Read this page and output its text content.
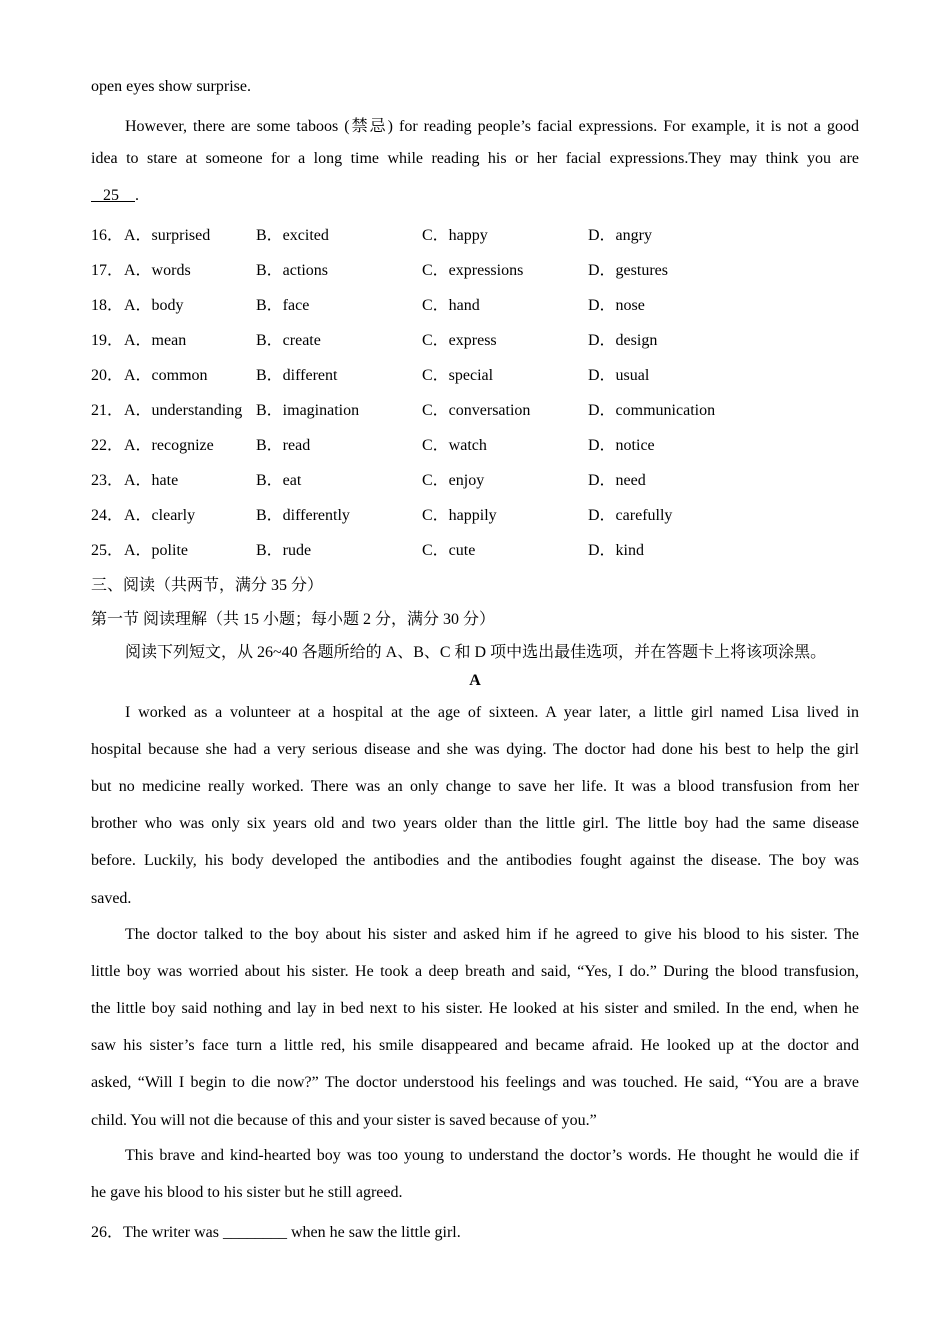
open eyes show surprise.

However, there are some taboos (禁忌) for reading people’s facial expressions. For example, it is not a good

idea to stare at someone for a long time while reading his or her facial expressions.They may think you are

25    .

16． A．surprised	B．excited	C．happy	D．angry
17． A．words	B．actions	C．expressions	D．gestures
18． A．body	B．face	C．hand	D．nose
19． A．mean	B．create	C．express	D．design
20． A．common	B．different	C．special	D．usual
21． A．understanding B．imagination	C．conversation	D．communication
22． A．recognize	B．read	C．watch	D．notice
23． A．hate	B．eat	C．enjoy	D．need
24． A．clearly	B．differently	C．happily	D．carefully
25． A．polite	B．rude	C．cute	D．kind

三、阅读（共两节，满分 35 分）

第一节 阅读理解（共 15 小题；每小题 2 分，满分 30 分）

阅读下列短文，从 26~40 各题所给的 A、B、C 和 D 项中选出最佳选项，并在答题卡上将该项涂黑。

A

I worked as a volunteer at a hospital at the age of sixteen. A year later, a little girl named Lisa lived in

hospital because she had a very serious disease and she was dying. The doctor had done his best to help the girl

but no medicine really worked. There was an only change to save her life. It was a blood transfusion from her

brother who was only six years old and two years older than the little girl. The little boy had the same disease

before. Luckily, his body developed the antibodies and the antibodies fought against the disease. The boy was

saved.

The doctor talked to the boy about his sister and asked him if he agreed to give his blood to his sister. The

little boy was worried about his sister. He took a deep breath and said, “Yes, I do.” During the blood transfusion,

the little boy said nothing and lay in bed next to his sister. He looked at his sister and smiled. In the end, when he

saw his sister’s face turn a little red, his smile disappeared and became afraid. He looked up at the doctor and

asked, “Will I begin to die now?” The doctor understood his feelings and was touched. He said, “You are a brave

child. You will not die because of this and your sister is saved because of you.”

This brave and kind-hearted boy was too young to understand the doctor’s words. He thought he would die if

he gave his blood to his sister but he still agreed.

26．The writer was ________ when he saw the little girl.
